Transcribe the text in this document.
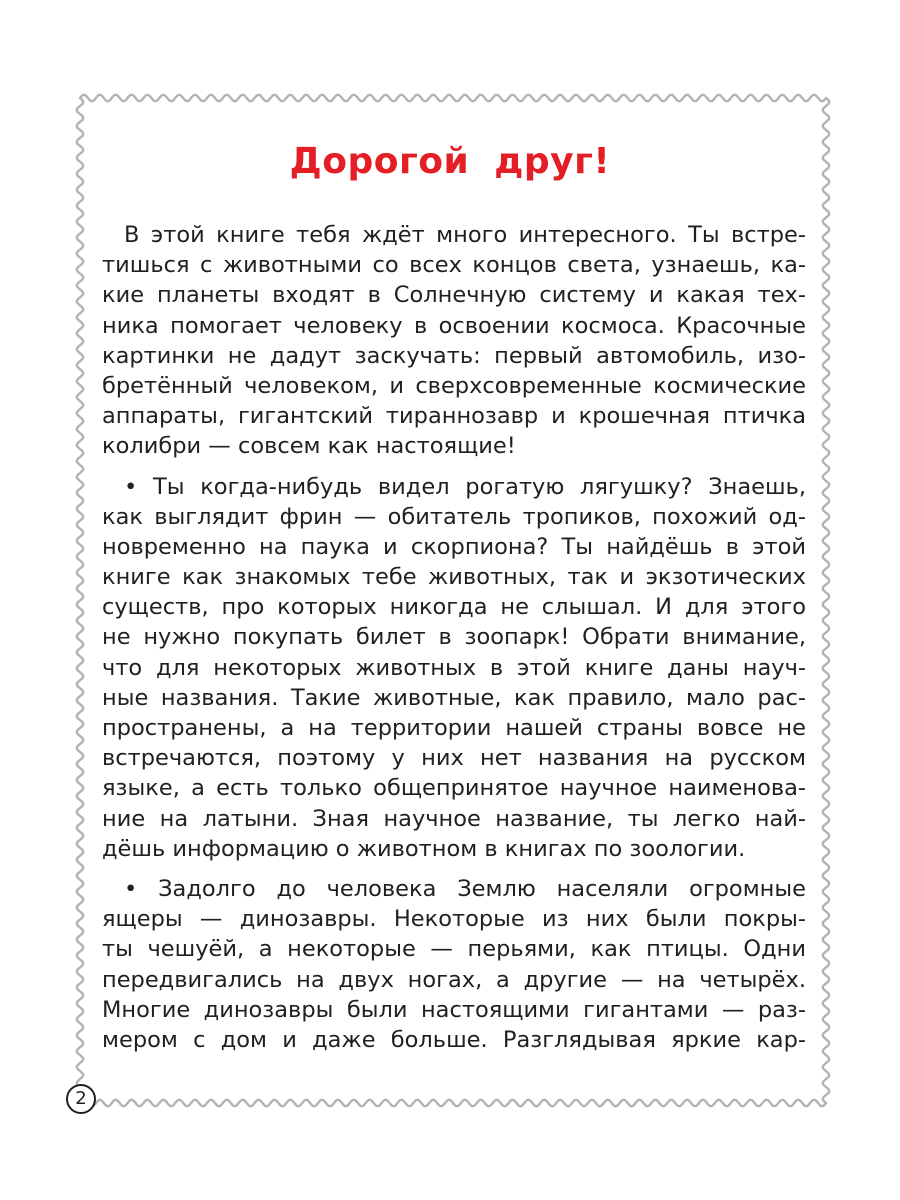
Дорогой друг!
В этой книге тебя ждёт много интересного. Ты встре-
тишься с животными со всех концов света, узнаешь, ка-
кие планеты входят в Солнечную систему и какая тех-
ника помогает человеку в освоении космоса. Красочные
картинки не дадут заскучать: первый автомобиль, изо-
бретённый человеком, и сверхсовременные космические
аппараты, гигантский тираннозавр и крошечная птичка
колибри — совсем как настоящие!
• Ты когда-нибудь видел рогатую лягушку? Знаешь,
как выглядит фрин — обитатель тропиков, похожий од-
новременно на паука и скорпиона? Ты найдёшь в этой
книге как знакомых тебе животных, так и экзотических
существ, про которых никогда не слышал. И для этого
не нужно покупать билет в зоопарк! Обрати внимание,
что для некоторых животных в этой книге даны науч-
ные названия. Такие животные, как правило, мало рас-
пространены, а на территории нашей страны вовсе не
встречаются, поэтому у них нет названия на русском
языке, а есть только общепринятое научное наименова-
ние на латыни. Зная научное название, ты легко най-
дёшь информацию о животном в книгах по зоологии.
• Задолго до человека Землю населяли огромные
ящеры — динозавры. Некоторые из них были покры-
ты чешуёй, а некоторые — перьями, как птицы. Одни
передвигались на двух ногах, а другие — на четырёх.
Многие динозавры были настоящими гигантами — раз-
мером с дом и даже больше. Разглядывая яркие кар-
2
